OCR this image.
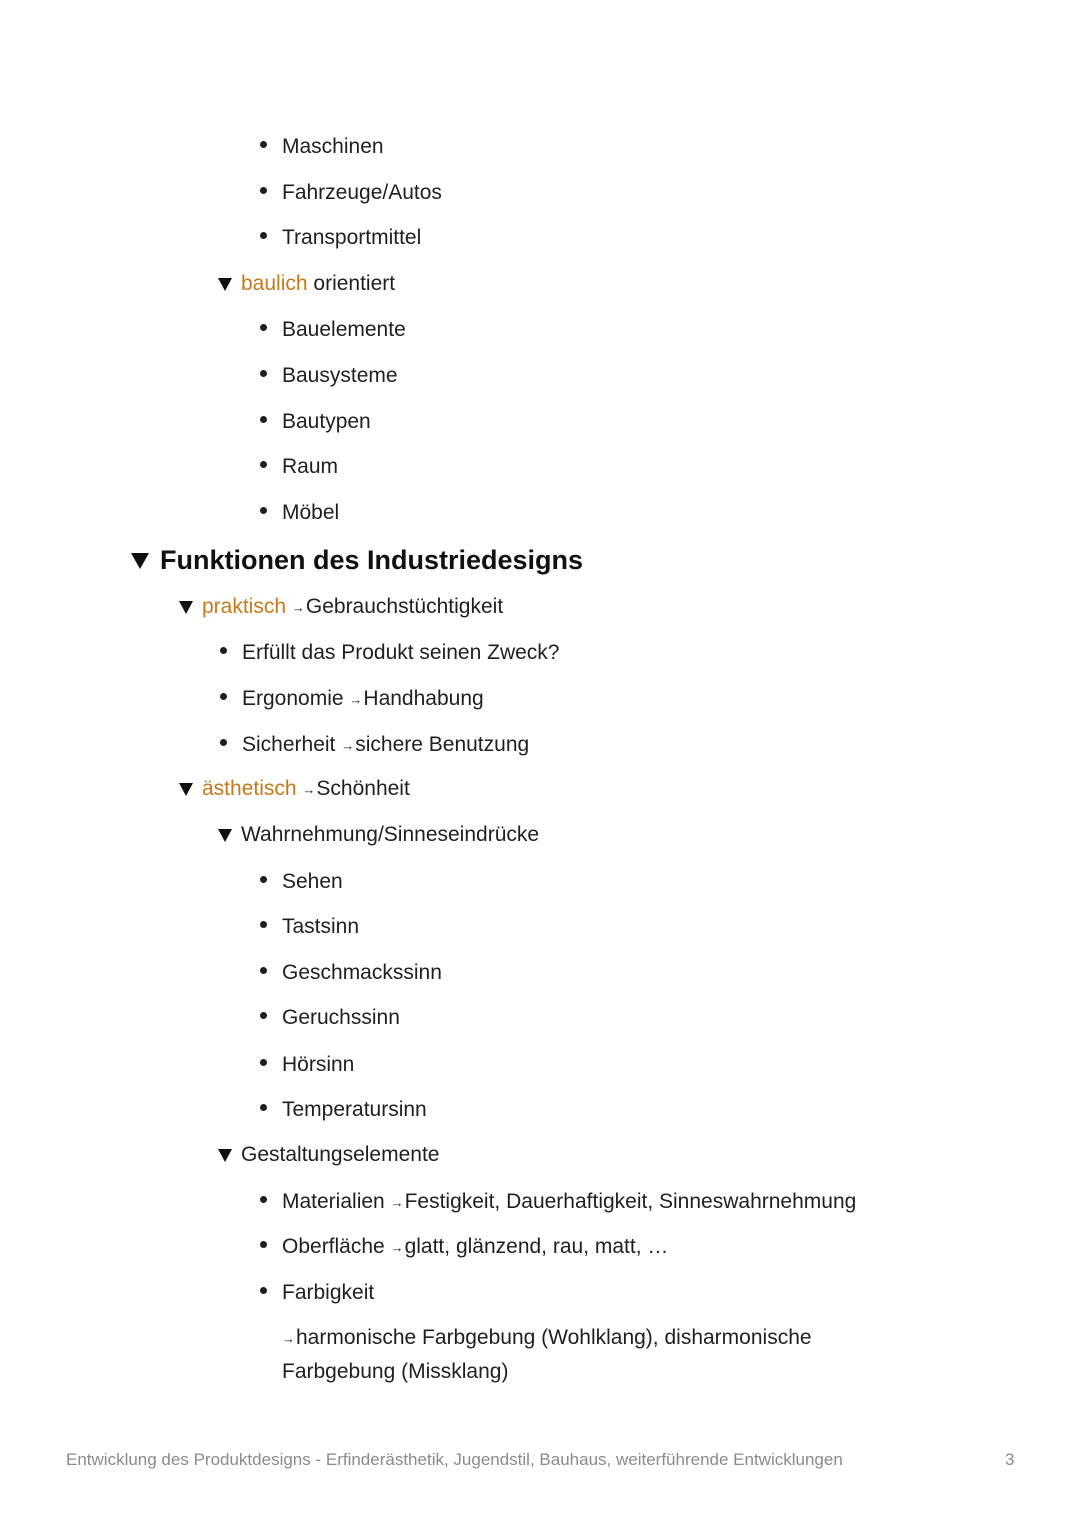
Maschinen
Fahrzeuge/Autos
Transportmittel
baulich orientiert
Bauelemente
Bausysteme
Bautypen
Raum
Möbel
Funktionen des Industriedesigns
praktisch →Gebrauchstüchtigkeit
Erfüllt das Produkt seinen Zweck?
Ergonomie →Handhabung
Sicherheit →sichere Benutzung
ästhetisch →Schönheit
Wahrnehmung/Sinneseindrücke
Sehen
Tastsinn
Geschmackssinn
Geruchssinn
Hörsinn
Temperatursinn
Gestaltungselemente
Materialien →Festigkeit, Dauerhaftigkeit, Sinneswahrnehmung
Oberfläche →glatt, glänzend, rau, matt, …
Farbigkeit
→harmonische Farbgebung (Wohlklang), disharmonische Farbgebung (Missklang)
Entwicklung des Produktdesigns - Erfinderästhetik, Jugendstil, Bauhaus, weiterführende Entwicklungen	3
